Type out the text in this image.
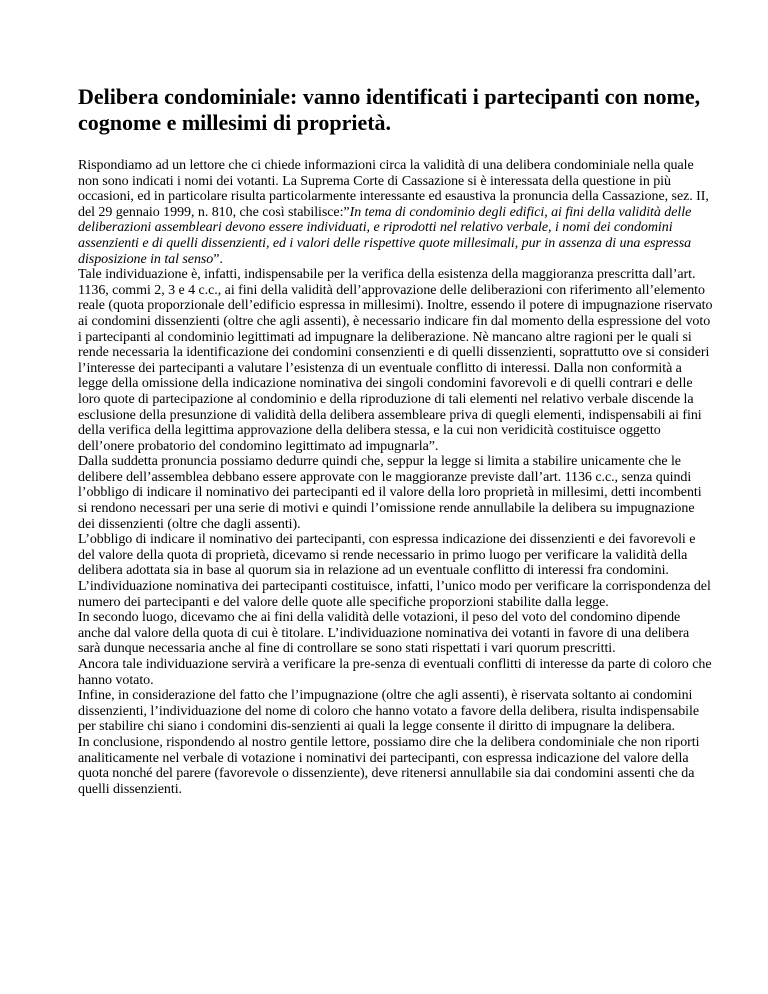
Delibera condominiale: vanno identificati i partecipanti con nome, cognome e millesimi di proprietà.

Rispondiamo ad un lettore che ci chiede informazioni circa la validità di una delibera condominiale nella quale non sono indicati i nomi dei votanti. La Suprema Corte di Cassazione si è interessata della questione in più occasioni, ed in particolare risulta particolarmente interessante ed esaustiva la pronuncia della Cassazione, sez. II, del 29 gennaio 1999, n. 810, che così stabilisce:”In tema di condominio degli edifici, ai fini della validità delle deliberazioni assembleari devono essere individuati, e riprodotti nel relativo verbale, i nomi dei condomini assenzienti e di quelli dissenzienti, ed i valori delle rispettive quote millesimali, pur in assenza di una espressa disposizione in tal senso”.

Tale individuazione è, infatti, indispensabile per la verifica della esistenza della maggioranza prescritta dall’art. 1136, commi 2, 3 e 4 c.c., ai fini della validità dell’approvazione delle deliberazioni con riferimento all’elemento reale (quota proporzionale dell’edificio espressa in millesimi). Inoltre, essendo il potere di impugnazione riservato ai condomini dissenzienti (oltre che agli assenti), è necessario indicare fin dal momento della espressione del voto i partecipanti al condominio legittimati ad impugnare la deliberazione. Nè mancano altre ragioni per le quali si rende necessaria la identificazione dei condomini consenzienti e di quelli dissenzienti, soprattutto ove si consideri l’interesse dei partecipanti a valutare l’esistenza di un eventuale conflitto di interessi. Dalla non conformità a legge della omissione della indicazione nominativa dei singoli condomini favorevoli e di quelli contrari e delle loro quote di partecipazione al condominio e della riproduzione di tali elementi nel relativo verbale discende la esclusione della presunzione di validità della delibera assembleare priva di quegli elementi, indispensabili ai fini della verifica della legittima approvazione della delibera stessa, e la cui non veridicità costituisce oggetto dell’onere probatorio del condomino legittimato ad impugnarla”.

Dalla suddetta pronuncia possiamo dedurre quindi che, seppur la legge si limita a stabilire unicamente che le delibere dell’assemblea debbano essere approvate con le maggioranze previste dall’art. 1136 c.c., senza quindi l’obbligo di indicare il nominativo dei partecipanti ed il valore della loro proprietà in millesimi, detti incombenti si rendono necessari per una serie di motivi e quindi l’omissione rende annullabile la delibera su impugnazione dei dissenzienti (oltre che dagli assenti).

L’obbligo di indicare il nominativo dei partecipanti, con espressa indicazione dei dissenzienti e dei favorevoli e del valore della quota di proprietà, dicevamo si rende necessario in primo luogo per verificare la validità della delibera adottata sia in base al quorum sia in relazione ad un eventuale conflitto di interessi fra condomini. L’individuazione nominativa dei partecipanti costituisce, infatti, l’unico modo per verificare la corrispondenza del numero dei partecipanti e del valore delle quote alle specifiche proporzioni stabilite dalla legge.

In secondo luogo, dicevamo che ai fini della validità delle votazioni, il peso del voto del condomino dipende anche dal valore della quota di cui è titolare. L’individuazione nominativa dei votanti in favore di una delibera sarà dunque necessaria anche al fine di controllare se sono stati rispettati i vari quorum prescritti.

Ancora tale individuazione servirà a verificare la pre-senza di eventuali conflitti di interesse da parte di coloro che hanno votato.

Infine, in considerazione del fatto che l’impugnazione (oltre che agli assenti), è riservata soltanto ai condomini dissenzienti, l’individuazione del nome di coloro che hanno votato a favore della delibera, risulta indispensabile per stabilire chi siano i condomini dis-senzienti ai quali la legge consente il diritto di impugnare la delibera.

In conclusione, rispondendo al nostro gentile lettore, possiamo dire che la delibera condominiale che non riporti analiticamente nel verbale di votazione i nominativi dei partecipanti, con espressa indicazione del valore della quota nonché del parere (favorevole o dissenziente), deve ritenersi annullabile sia dai condomini assenti che da quelli dissenzienti.
